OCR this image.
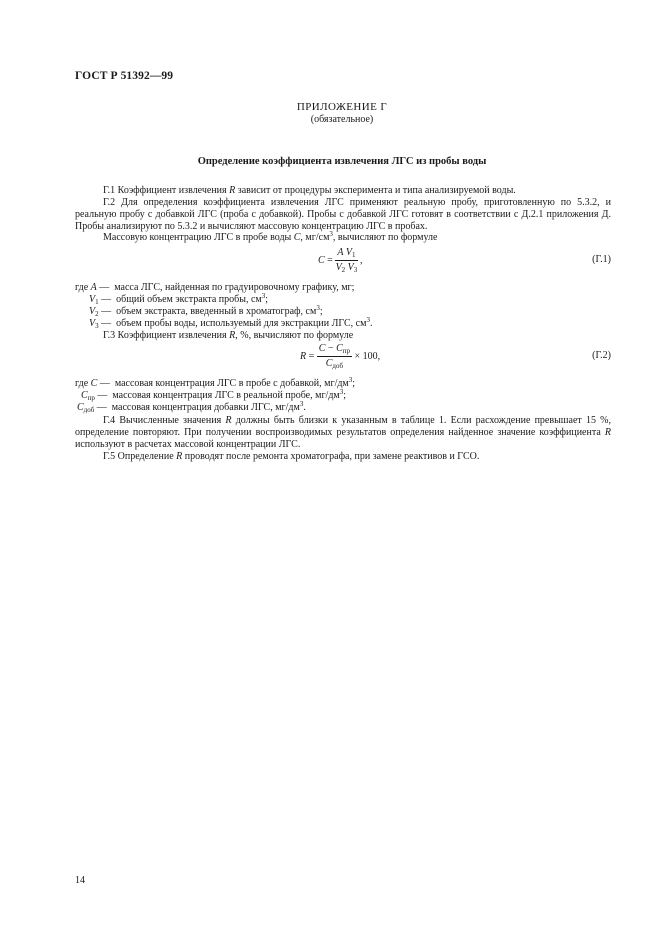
ГОСТ Р 51392—99
ПРИЛОЖЕНИЕ Г
(обязательное)
Определение коэффициента извлечения ЛГС из пробы воды
Г.1 Коэффициент извлечения R зависит от процедуры эксперимента и типа анализируемой воды.
Г.2 Для определения коэффициента извлечения ЛГС применяют реальную пробу, приготовленную по 5.3.2, и реальную пробу с добавкой ЛГС (проба с добавкой). Пробы с добавкой ЛГС готовят в соответствии с Д.2.1 приложения Д. Пробы анализируют по 5.3.2 и вычисляют массовую концентрацию ЛГС в пробах.
Массовую концентрацию ЛГС в пробе воды C, $мг/см^3$, вычисляют по формуле
$C = \frac{A V_1}{V_2 V_3}$ ,	(Г.1)
где A — масса ЛГС, найденная по градуировочному графику, мг;
$V_1$ — общий объем экстракта пробы, $см^3$;
$V_2$ — объем экстракта, введенный в хроматограф, $см^3$;
$V_3$ — объем пробы воды, используемый для экстракции ЛГС, $см^3$.
Г.3 Коэффициент извлечения R, %, вычисляют по формуле
$R = \frac{C - C_{пр}}{C_{доб}} \times 100$,	(Г.2)
где C — массовая концентрация ЛГС в пробе с добавкой, $мг/дм^3$;
$C_{пр}$ — массовая концентрация ЛГС в реальной пробе, $мг/дм^3$;
$C_{доб}$ — массовая концентрация добавки ЛГС, $мг/дм^3$.
Г.4 Вычисленные значения R должны быть близки к указанным в таблице 1. Если расхождение превышает 15 %, определение повторяют. При получении воспроизводимых результатов определения найденное значение коэффициента R используют в расчетах массовой концентрации ЛГС.
Г.5 Определение R проводят после ремонта хроматографа, при замене реактивов и ГСО.
14
